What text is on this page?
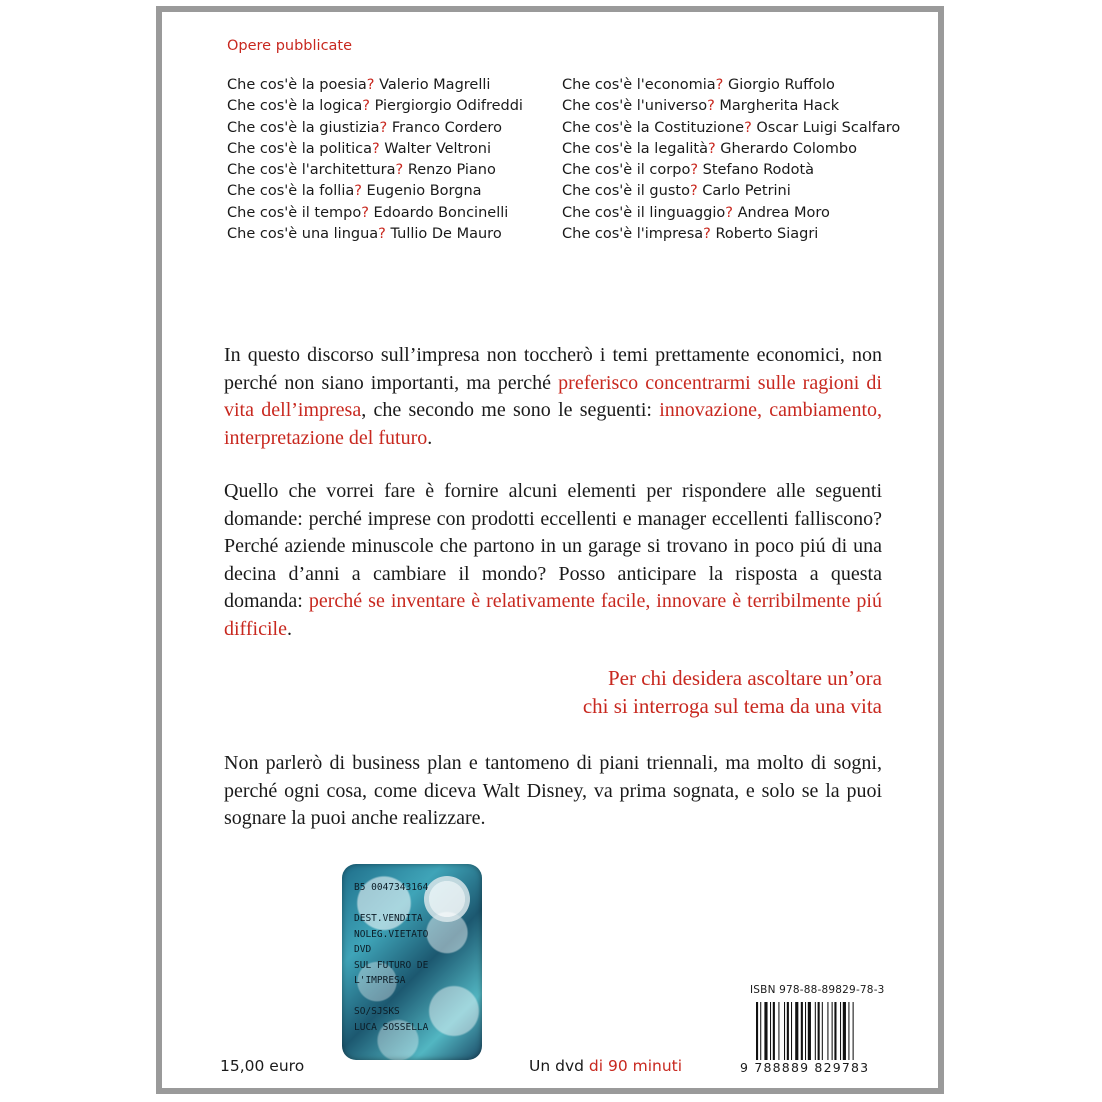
Opere pubblicate
Che cos'è la poesia? Valerio Magrelli
Che cos'è la logica? Piergiorgio Odifreddi
Che cos'è la giustizia? Franco Cordero
Che cos'è la politica? Walter Veltroni
Che cos'è l'architettura? Renzo Piano
Che cos'è la follia? Eugenio Borgna
Che cos'è il tempo? Edoardo Boncinelli
Che cos'è una lingua? Tullio De Mauro
Che cos'è l'economia? Giorgio Ruffolo
Che cos'è l'universo? Margherita Hack
Che cos'è la Costituzione? Oscar Luigi Scalfaro
Che cos'è la legalità? Gherardo Colombo
Che cos'è il corpo? Stefano Rodotà
Che cos'è il gusto? Carlo Petrini
Che cos'è il linguaggio? Andrea Moro
Che cos'è l'impresa? Roberto Siagri
In questo discorso sull’impresa non toccherò i temi prettamente economici, non perché non siano importanti, ma perché preferisco concentrarmi sulle ragioni di vita dell’impresa, che secondo me sono le seguenti: innovazione, cambiamento, interpretazione del futuro.
Quello che vorrei fare è fornire alcuni elementi per rispondere alle seguenti domande: perché imprese con prodotti eccellenti e manager eccellenti falliscono? Perché aziende minuscole che partono in un garage si trovano in poco piú di una decina d’anni a cambiare il mondo? Posso anticipare la risposta a questa domanda: perché se inventare è relativamente facile, innovare è terribilmente piú difficile.
Per chi desidera ascoltare un’ora
chi si interroga sul tema da una vita
Non parlerò di business plan e tantomeno di piani triennali, ma molto di sogni, perché ogni cosa, come diceva Walt Disney, va prima sognata, e solo se la puoi sognare la puoi anche realizzare.
B5 0047343164

DEST.VENDITA
NOLEG.VIETATO
DVD
SUL FUTURO DE
L'IMPRESA

SO/SJSKS
LUCA SOSSELLA
ISBN 978-88-89829-78-3
9 788889 829783
15,00 euro	Un dvd di 90 minuti
